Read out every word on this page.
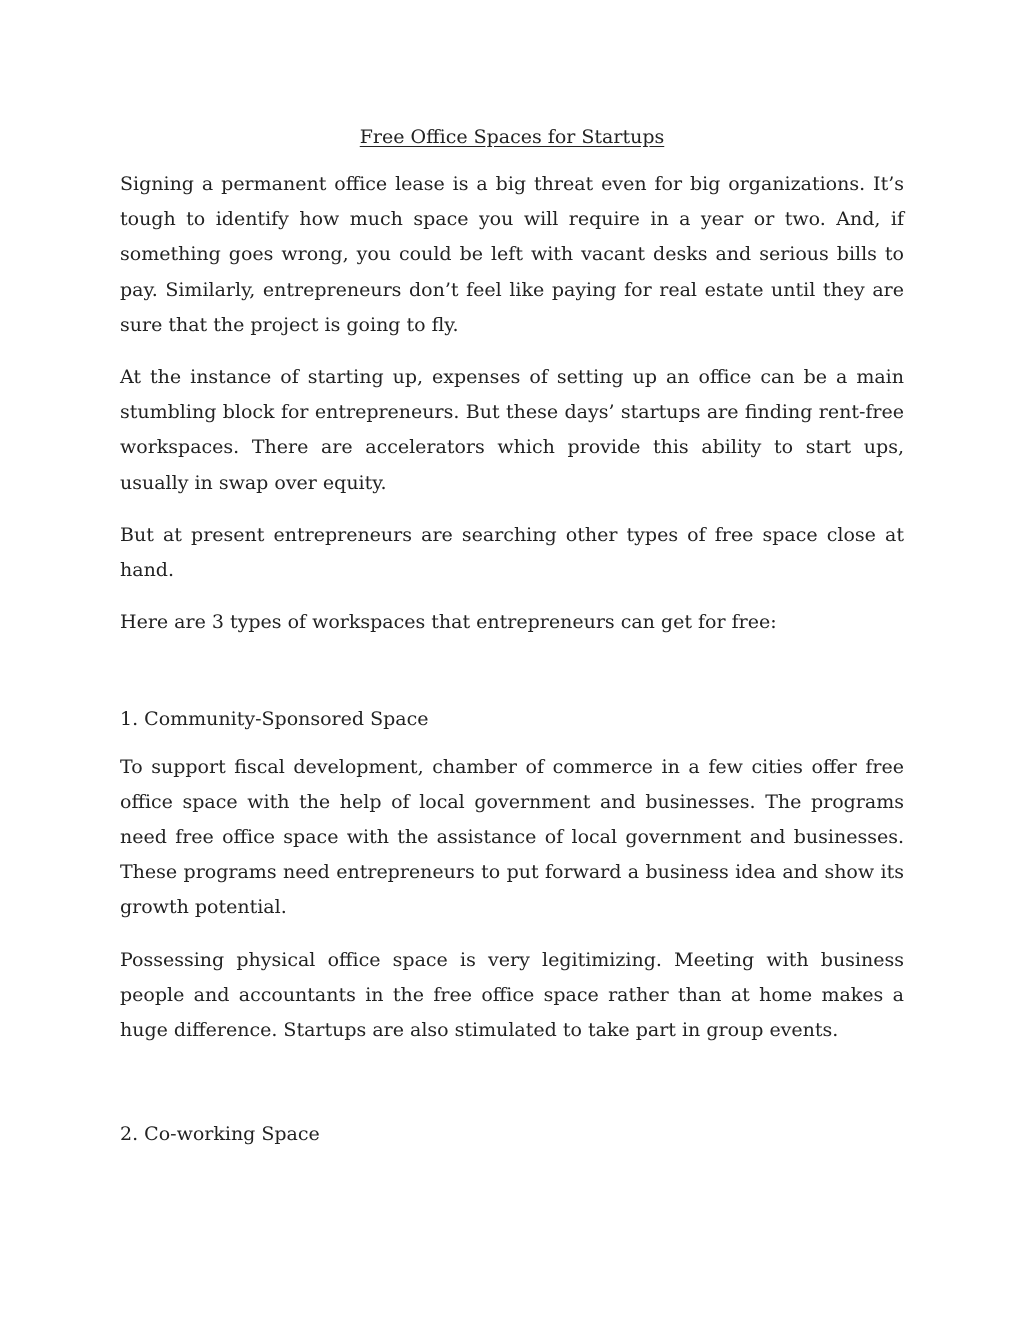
Free Office Spaces for Startups

Signing a permanent office lease is a big threat even for big organizations. It’s tough to identify how much space you will require in a year or two. And, if something goes wrong, you could be left with vacant desks and serious bills to pay. Similarly, entrepreneurs don’t feel like paying for real estate until they are sure that the project is going to fly.

At the instance of starting up, expenses of setting up an office can be a main stumbling block for entrepreneurs. But these days’ startups are finding rent-free workspaces. There are accelerators which provide this ability to start ups, usually in swap over equity.

But at present entrepreneurs are searching other types of free space close at hand.

Here are 3 types of workspaces that entrepreneurs can get for free:

1. Community-Sponsored Space

To support fiscal development, chamber of commerce in a few cities offer free office space with the help of local government and businesses. The programs need free office space with the assistance of local government and businesses. These programs need entrepreneurs to put forward a business idea and show its growth potential.

Possessing physical office space is very legitimizing. Meeting with business people and accountants in the free office space rather than at home makes a huge difference. Startups are also stimulated to take part in group events.

2. Co-working Space
